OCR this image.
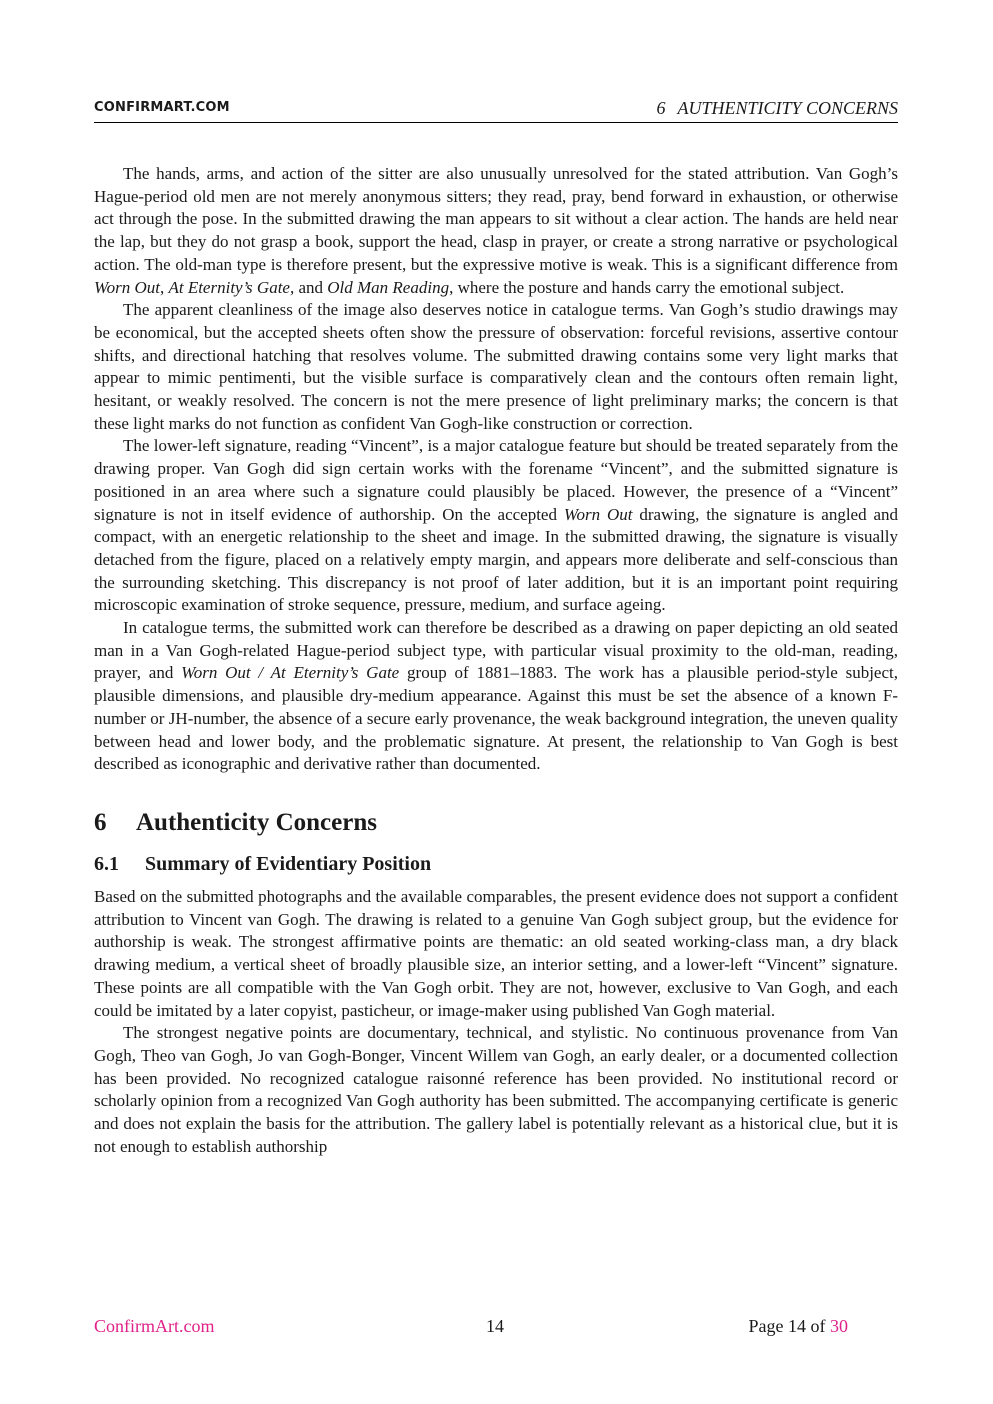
CONFIRMART.COM	6 AUTHENTICITY CONCERNS

The hands, arms, and action of the sitter are also unusually unresolved for the stated attribution. Van Gogh’s Hague-period old men are not merely anonymous sitters; they read, pray, bend forward in exhaustion, or otherwise act through the pose. In the submitted drawing the man appears to sit without a clear action. The hands are held near the lap, but they do not grasp a book, support the head, clasp in prayer, or create a strong narrative or psychological action. The old-man type is therefore present, but the expressive motive is weak. This is a significant difference from Worn Out, At Eternity’s Gate, and Old Man Reading, where the posture and hands carry the emotional subject.

The apparent cleanliness of the image also deserves notice in catalogue terms. Van Gogh’s studio drawings may be economical, but the accepted sheets often show the pressure of observation: forceful revisions, assertive contour shifts, and directional hatching that resolves volume. The submitted drawing contains some very light marks that appear to mimic pentimenti, but the visible surface is comparatively clean and the contours often remain light, hesitant, or weakly resolved. The concern is not the mere presence of light preliminary marks; the concern is that these light marks do not function as confident Van Gogh-like construction or correction.

The lower-left signature, reading “Vincent”, is a major catalogue feature but should be treated separately from the drawing proper. Van Gogh did sign certain works with the forename “Vincent”, and the submitted signature is positioned in an area where such a signature could plausibly be placed. However, the presence of a “Vincent” signature is not in itself evidence of authorship. On the accepted Worn Out drawing, the signature is angled and compact, with an energetic relationship to the sheet and image. In the submitted drawing, the signature is visually detached from the figure, placed on a relatively empty margin, and appears more deliberate and self-conscious than the surrounding sketching. This discrepancy is not proof of later addition, but it is an important point requiring microscopic examination of stroke sequence, pressure, medium, and surface ageing.

In catalogue terms, the submitted work can therefore be described as a drawing on paper depicting an old seated man in a Van Gogh-related Hague-period subject type, with particular visual proximity to the old-man, reading, prayer, and Worn Out / At Eternity’s Gate group of 1881–1883. The work has a plausible period-style subject, plausible dimensions, and plausible dry-medium appearance. Against this must be set the absence of a known F-number or JH-number, the absence of a secure early provenance, the weak background integration, the uneven quality between head and lower body, and the problematic signature. At present, the relationship to Van Gogh is best described as iconographic and derivative rather than documented.

6 Authenticity Concerns
6.1 Summary of Evidentiary Position

Based on the submitted photographs and the available comparables, the present evidence does not support a confident attribution to Vincent van Gogh. The drawing is related to a genuine Van Gogh subject group, but the evidence for authorship is weak. The strongest affirmative points are thematic: an old seated working-class man, a dry black drawing medium, a vertical sheet of broadly plausible size, an interior setting, and a lower-left “Vincent” signature. These points are all compatible with the Van Gogh orbit. They are not, however, exclusive to Van Gogh, and each could be imitated by a later copyist, pasticheur, or image-maker using published Van Gogh material.

The strongest negative points are documentary, technical, and stylistic. No continuous provenance from Van Gogh, Theo van Gogh, Jo van Gogh-Bonger, Vincent Willem van Gogh, an early dealer, or a documented collection has been provided. No recognized catalogue raisonné reference has been provided. No institutional record or scholarly opinion from a recognized Van Gogh authority has been submitted. The accompanying certificate is generic and does not explain the basis for the attribution. The gallery label is potentially relevant as a historical clue, but it is not enough to establish authorship

ConfirmArt.com	14	Page 14 of 30
